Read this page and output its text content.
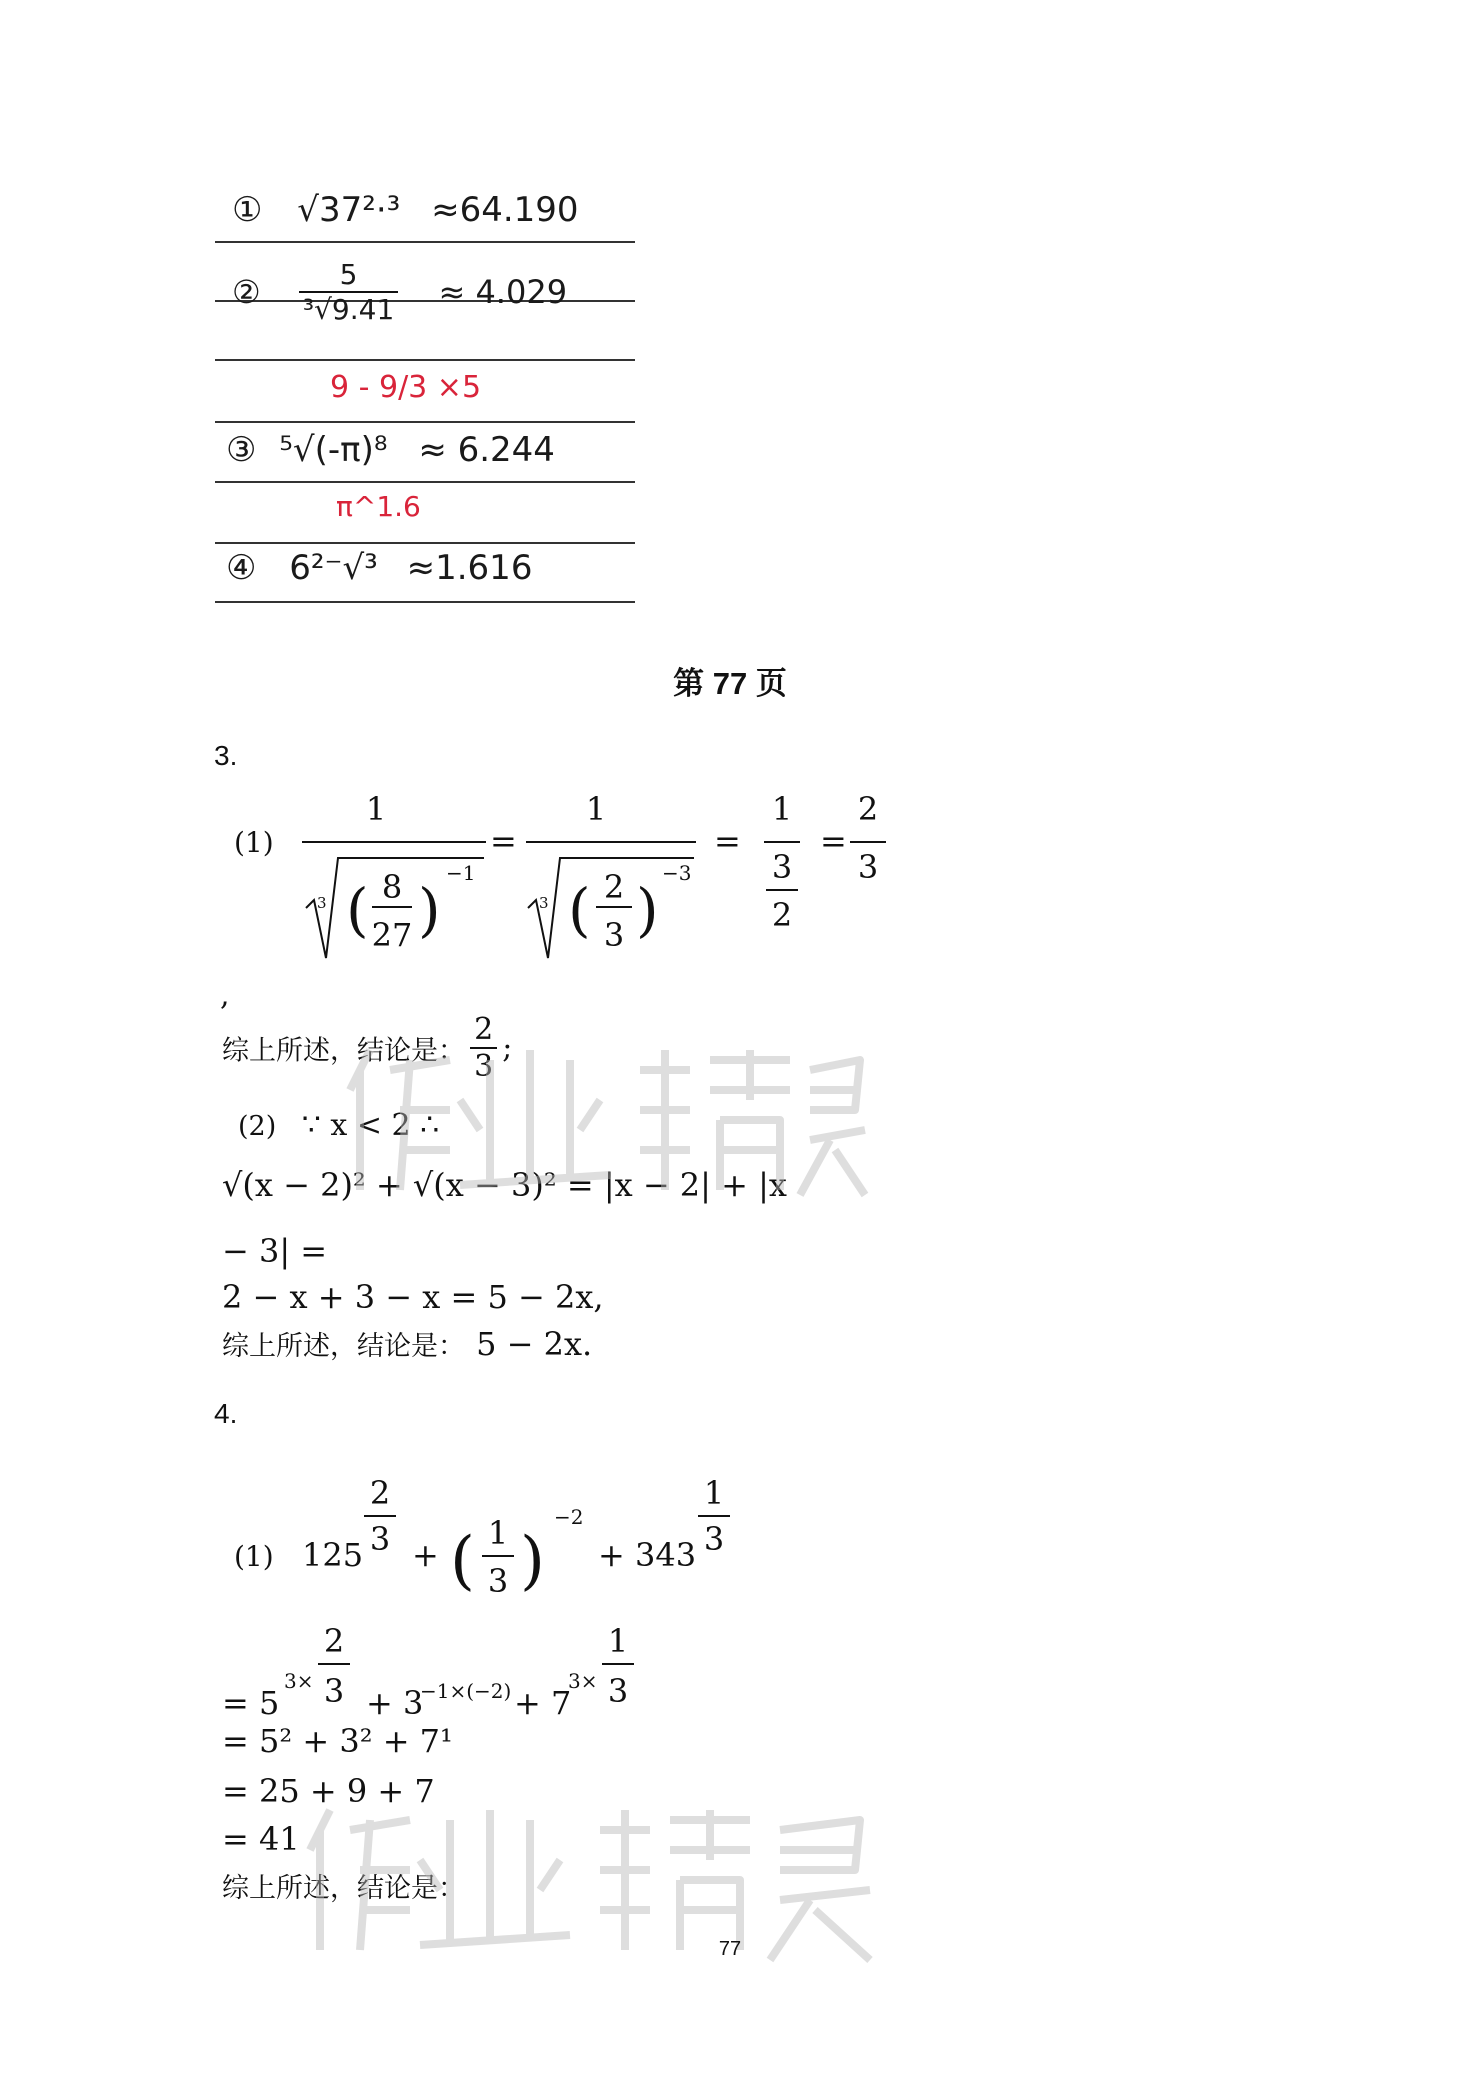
① √37²·³ ≈64.190
② $\frac{5}{\text{³√9.41}} \approx 4.029$
9 - 9/3 ×5
③ ⁵√(-π)⁸ ≈ 6.244
π^1.6
④ 6²⁻√³ ≈1.616
第 77 页
3.
(1)
1
3 ( 8
27 )
−1
=
1
3 ( 2
3 )
−3
=
1
3
2
=
2
3
,
综上所述，结论是： $\frac{2}{3}$ ;
(2) ∵ x < 2 ∴
√(x − 2)² + √(x − 3)² = |x − 2| + |x
− 3| =
2 − x + 3 − x = 5 − 2x,
综上所述，结论是： 5 − 2x.
4.
(1) 125
2
3 + ( 1
3 )
−2
+ 343
1
3
= 5
3×
2
3 + 3
−1×(−2) + 7
3×
1
3
= 5² + 3² + 7¹
= 25 + 9 + 7
= 41
综上所述，结论是：
77
